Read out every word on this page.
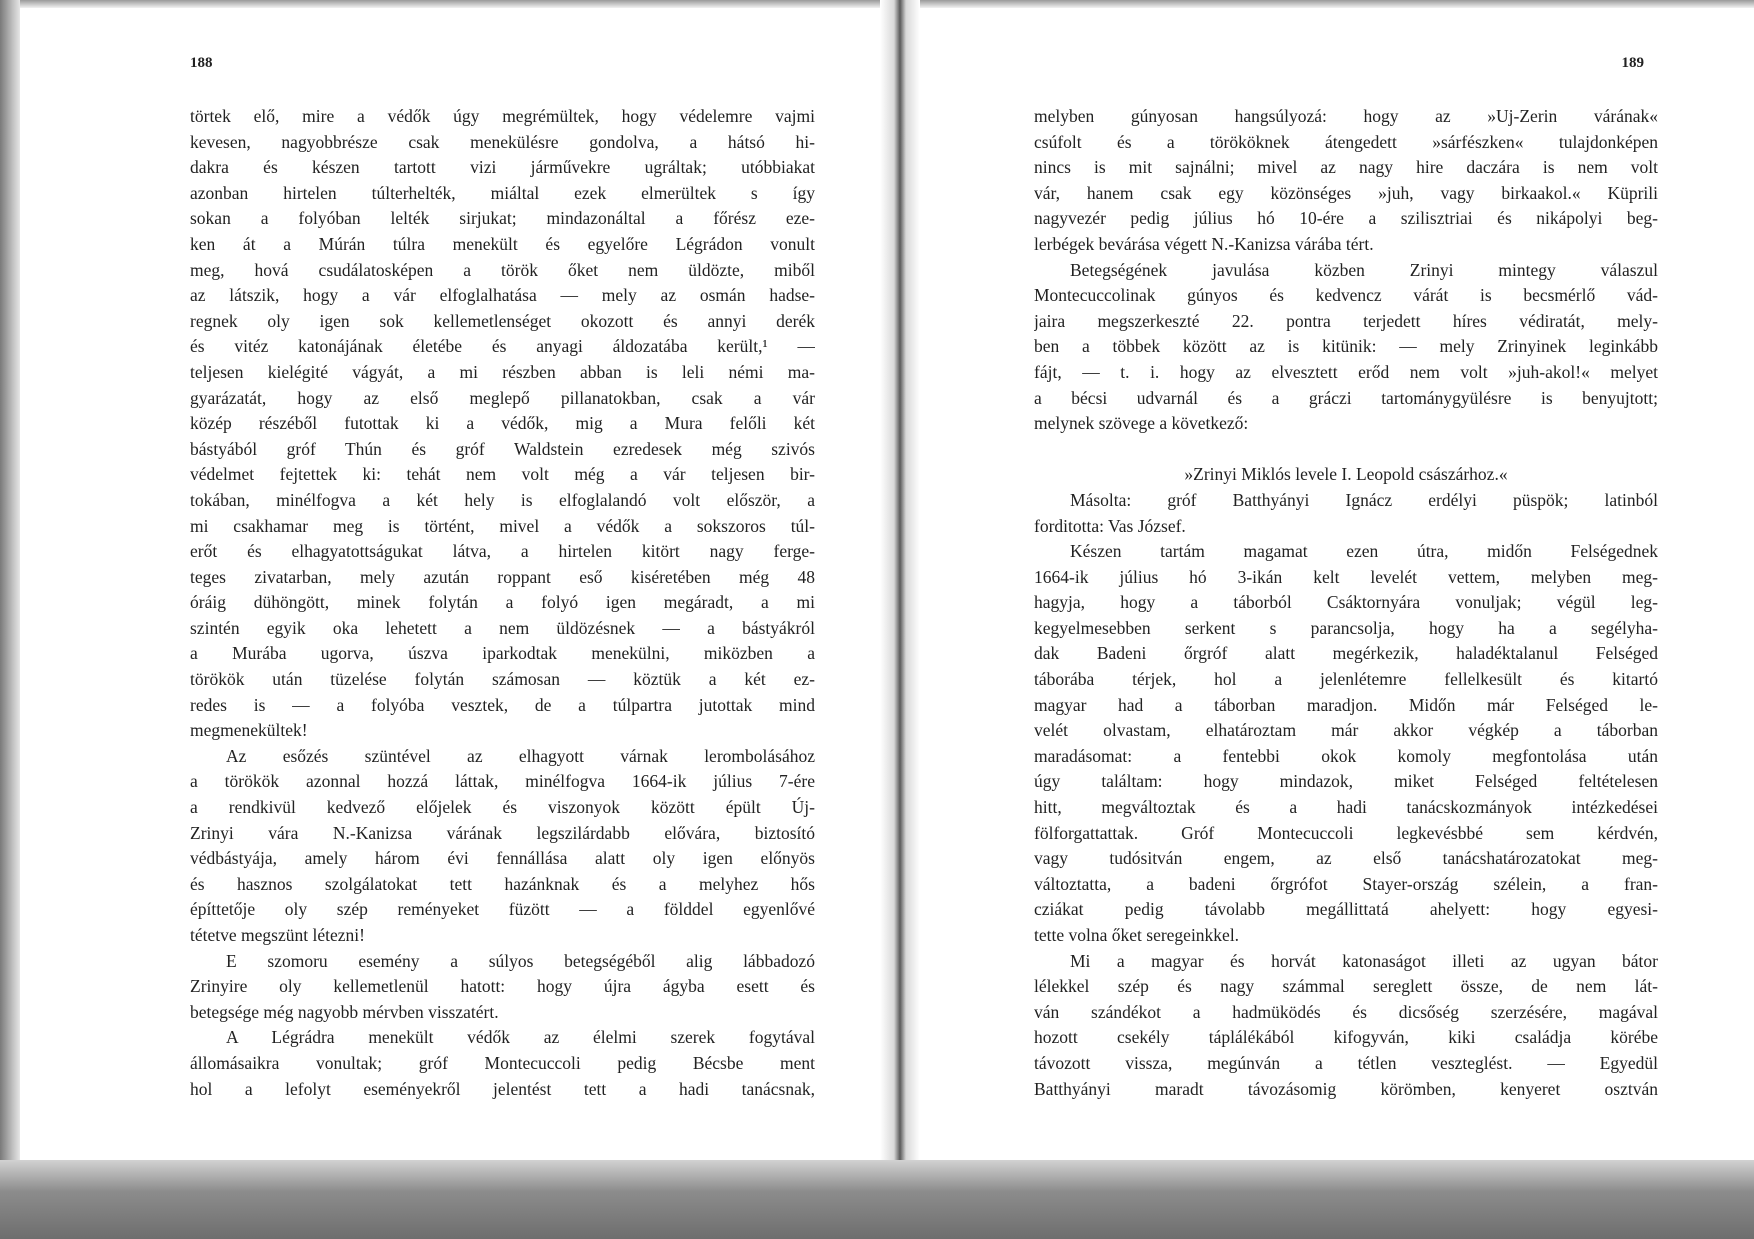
188
törtek elő, mire a védők úgy megrémültek, hogy védelemre vajmi
kevesen, nagyobbrésze csak menekülésre gondolva, a hátsó hi-
dakra és készen tartott vizi járművekre ugráltak; utóbbiakat
azonban hirtelen túlterhelték, miáltal ezek elmerültek s így
sokan a folyóban lelték sirjukat; mindazonáltal a főrész eze-
ken át a Múrán túlra menekült és egyelőre Légrádon vonult
meg, hová csudálatosképen a török őket nem üldözte, miből
az látszik, hogy a vár elfoglalhatása — mely az osmán hadse-
regnek oly igen sok kellemetlenséget okozott és annyi derék
és vitéz katonájának életébe és anyagi áldozatába került,¹ —
teljesen kielégité vágyát, a mi részben abban is leli némi ma-
gyarázatát, hogy az első meglepő pillanatokban, csak a vár
közép részéből futottak ki a védők, mig a Mura felőli két
bástyából gróf Thún és gróf Waldstein ezredesek még szivós
védelmet fejtettek ki: tehát nem volt még a vár teljesen bir-
tokában, minélfogva a két hely is elfoglalandó volt először, a
mi csakhamar meg is történt, mivel a védők a sokszoros túl-
erőt és elhagyatottságukat látva, a hirtelen kitört nagy ferge-
teges zivatarban, mely azután roppant eső kiséretében még 48
óráig dühöngött, minek folytán a folyó igen megáradt, a mi
szintén egyik oka lehetett a nem üldözésnek — a bástyákról
a Murába ugorva, úszva iparkodtak menekülni, miközben a
törökök után tüzelése folytán számosan — köztük a két ez-
redes is — a folyóba vesztek, de a túlpartra jutottak mind
megmenekültek!
Az esőzés szüntével az elhagyott várnak lerombolásához
a törökök azonnal hozzá láttak, minélfogva 1664-ik július 7-ére
a rendkivül kedvező előjelek és viszonyok között épült Új-
Zrinyi vára N.-Kanizsa várának legszilárdabb elővára, biztosító
védbástyája, amely három évi fennállása alatt oly igen előnyös
és hasznos szolgálatokat tett hazánknak és a melyhez hős
építtetője oly szép reményeket füzött — a földdel egyenlővé
tétetve megszünt létezni!
E szomoru esemény a súlyos betegségéből alig lábbadozó
Zrinyire oly kellemetlenül hatott: hogy újra ágyba esett és
betegsége még nagyobb mérvben visszatért.
A Légrádra menekült védők az élelmi szerek fogytával
állomásaikra vonultak; gróf Montecuccoli pedig Bécsbe ment
hol a lefolyt eseményekről jelentést tett a hadi tanácsnak,
189
melyben gúnyosan hangsúlyozá: hogy az »Uj-Zerin várának«
csúfolt és a törököknek átengedett »sárfészken« tulajdonképen
nincs is mit sajnálni; mivel az nagy hire daczára is nem volt
vár, hanem csak egy közönséges »juh, vagy birkaakol.« Küprili
nagyvezér pedig július hó 10-ére a szilisztriai és nikápolyi beg-
lerbégek bevárása végett N.-Kanizsa várába tért.
Betegségének javulása közben Zrinyi mintegy válaszul
Montecuccolinak gúnyos és kedvencz várát is becsmérlő vád-
jaira megszerkeszté 22. pontra terjedett híres védiratát, mely-
ben a többek között az is kitünik: — mely Zrinyinek leginkább
fájt, — t. i. hogy az elvesztett erőd nem volt »juh-akol!« melyet
a bécsi udvarnál és a gráczi tartománygyülésre is benyujtott;
melynek szövege a következő:
»Zrinyi Miklós levele I. Leopold császárhoz.«
Másolta: gróf Batthyányi Ignácz erdélyi püspök; latinból
forditotta: Vas József.
Készen tartám magamat ezen útra, midőn Felségednek
1664-ik július hó 3-ikán kelt levelét vettem, melyben meg-
hagyja, hogy a táborból Csáktornyára vonuljak; végül leg-
kegyelmesebben serkent s parancsolja, hogy ha a segélyha-
dak Badeni őrgróf alatt megérkezik, haladéktalanul Felséged
táborába térjek, hol a jelenlétemre fellelkesült és kitartó
magyar had a táborban maradjon. Midőn már Felséged le-
velét olvastam, elhatároztam már akkor végkép a táborban
maradásomat: a fentebbi okok komoly megfontolása után
úgy találtam: hogy mindazok, miket Felséged feltételesen
hitt, megváltoztak és a hadi tanácskozmányok intézkedései
fölforgattattak. Gróf Montecuccoli legkevésbbé sem kérdvén,
vagy tudósitván engem, az első tanácshatározatokat meg-
változtatta, a badeni őrgrófot Stayer-ország szélein, a fran-
cziákat pedig távolabb megállittatá ahelyett: hogy egyesi-
tette volna őket seregeinkkel.
Mi a magyar és horvát katonaságot illeti az ugyan bátor
lélekkel szép és nagy számmal sereglett össze, de nem lát-
ván szándékot a hadmüködés és dicsőség szerzésére, magával
hozott csekély táplálékából kifogyván, kiki családja körébe
távozott vissza, megúnván a tétlen veszteglést. — Egyedül
Batthyányi maradt távozásomig körömben, kenyeret osztván
